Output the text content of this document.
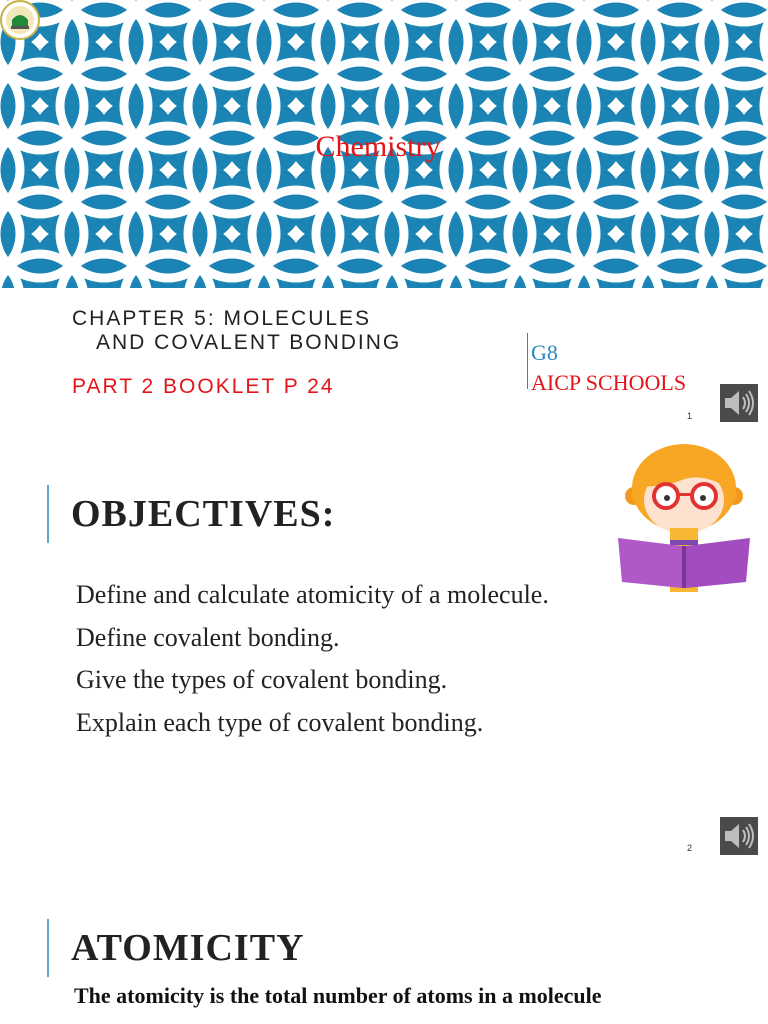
Chemistry
CHAPTER 5: MOLECULES
AND COVALENT BONDING
PART 2 BOOKLET P 24
G8
AICP SCHOOLS
1
OBJECTIVES:
Define and calculate atomicity of a molecule.
Define covalent bonding.
Give the types of covalent bonding.
Explain each type of covalent bonding.
2
ATOMICITY
The atomicity is the total number of atoms in a molecule
